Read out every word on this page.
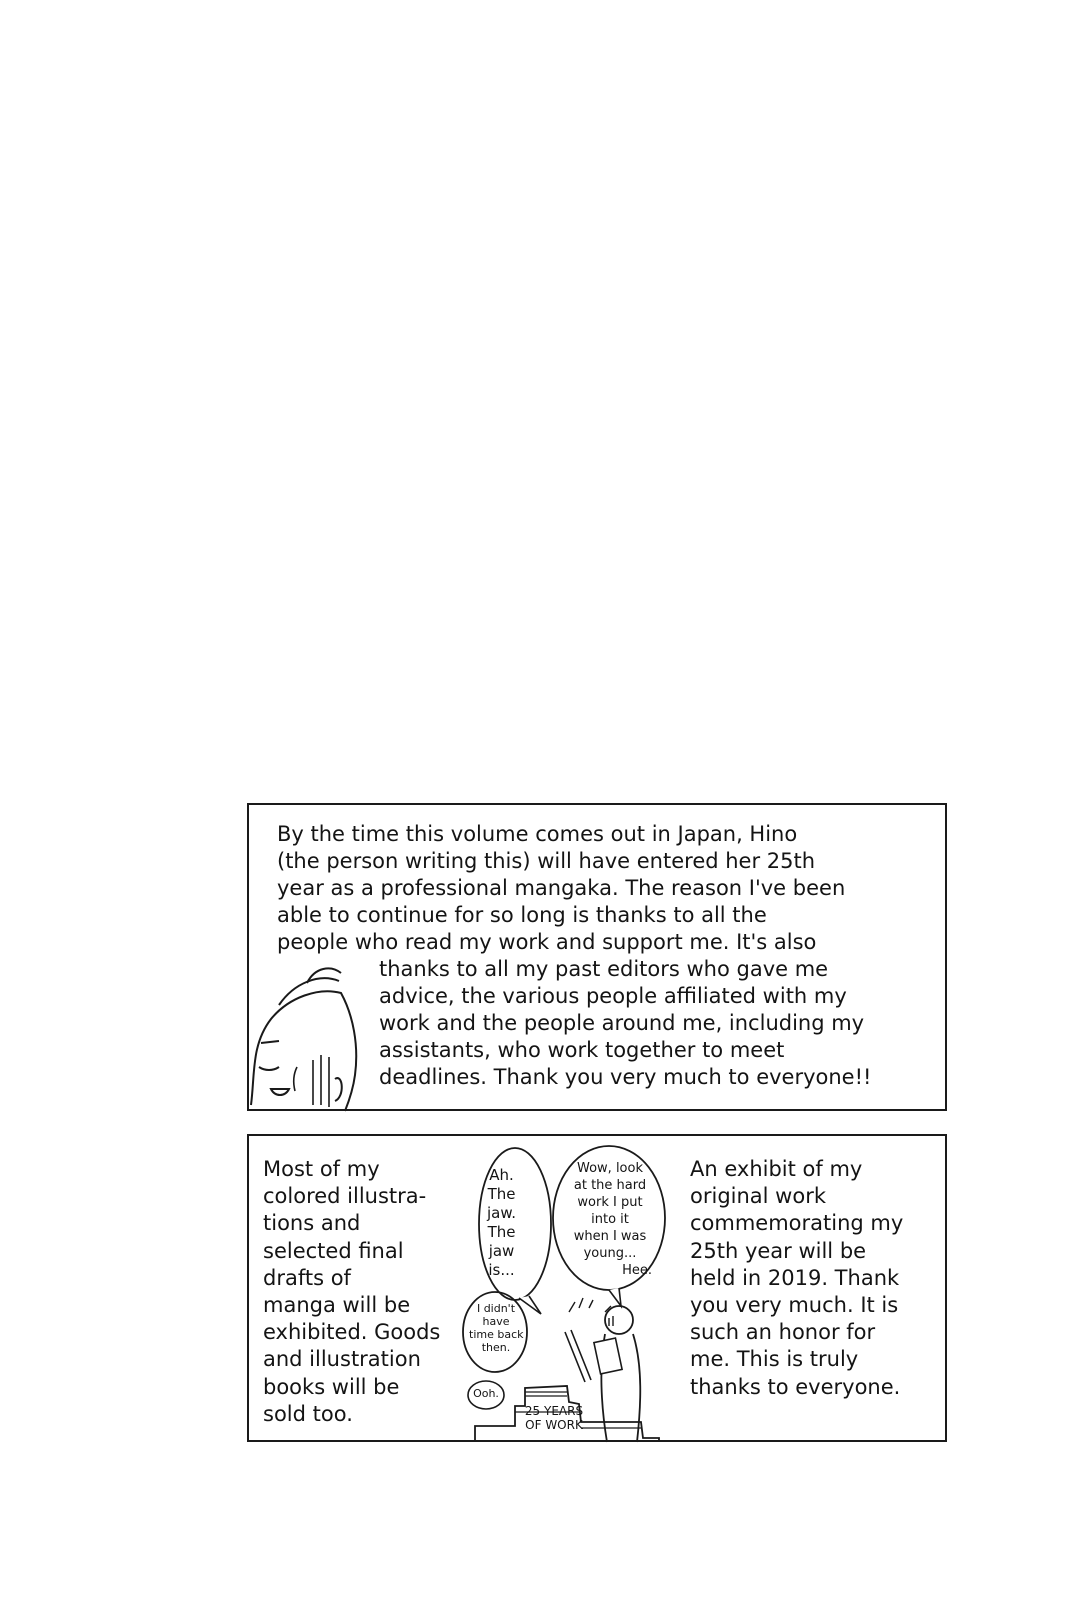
By the time this volume comes out in Japan, Hino
(the person writing this) will have entered her 25th
year as a professional mangaka. The reason I've been
able to continue for so long is thanks to all the
people who read my work and support me. It's also
thanks to all my past editors who gave me
advice, the various people affiliated with my
work and the people around me, including my
assistants, who work together to meet
deadlines. Thank you very much to everyone!!
Most of my
colored illustra-
tions and
selected final
drafts of
manga will be
exhibited. Goods
and illustration
books will be
sold too.
Ah.
The
jaw.
The
jaw
is...
Wow, look
at the hard
work I put
into it
when I was
young...
Hee.
I didn't
have
time back
then.
Ooh.
25 YEARS
OF WORK
An exhibit of my
original work
commemorating my
25th year will be
held in 2019. Thank
you very much. It is
such an honor for
me. This is truly
thanks to everyone.
